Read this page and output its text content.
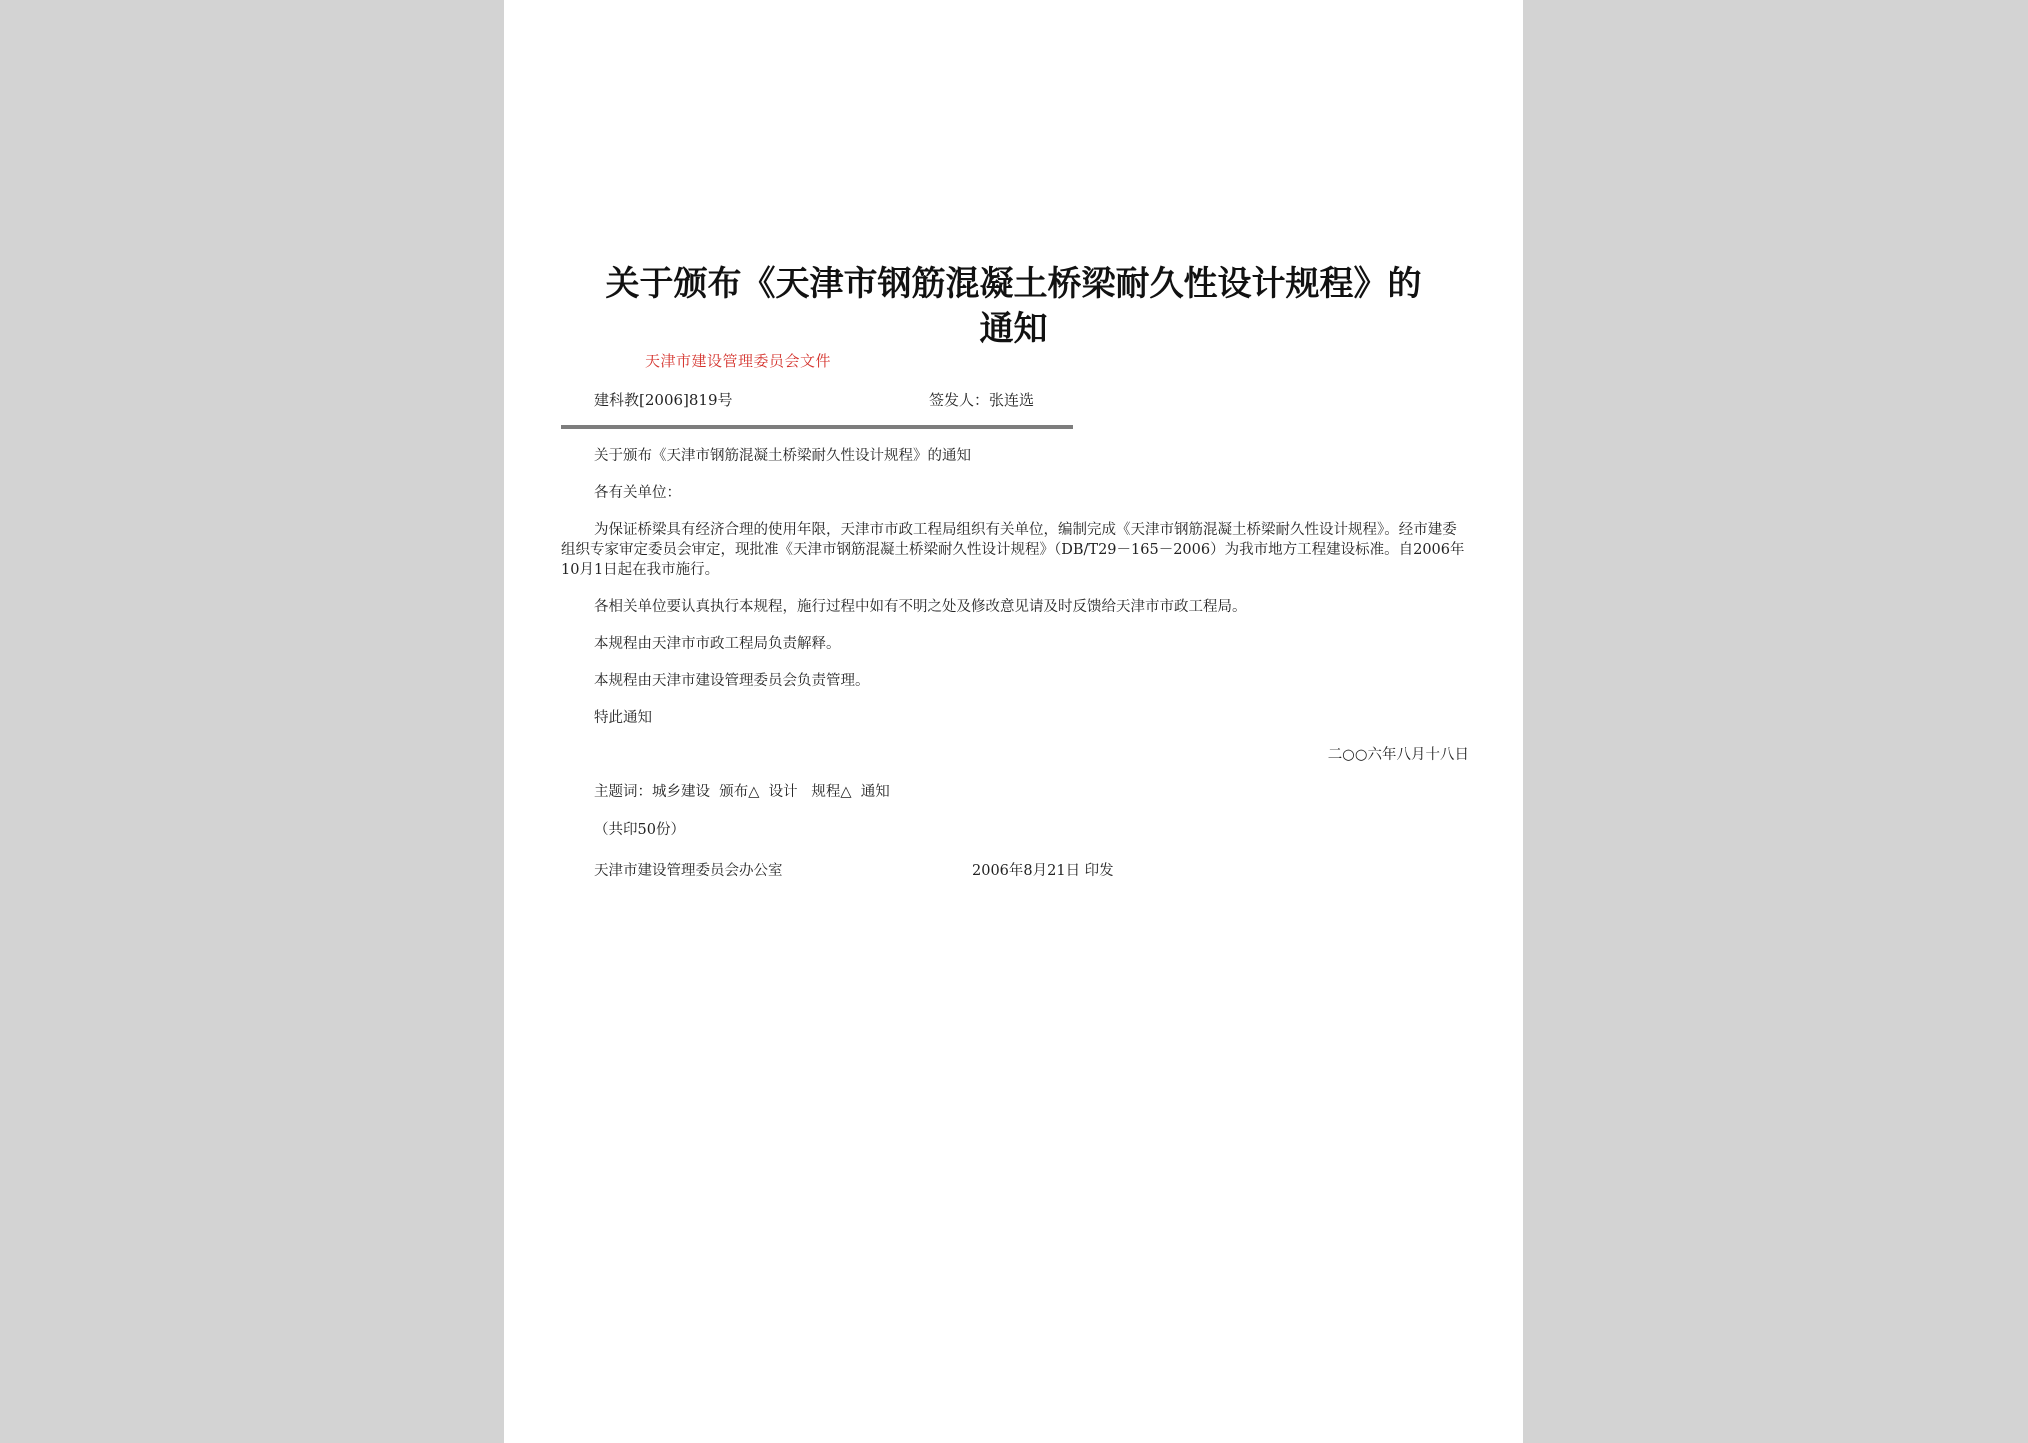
关于颁布《天津市钢筋混凝土桥梁耐久性设计规程》的
通知
天津市建设管理委员会文件
建科教[2006]819号	签发人：张连选

关于颁布《天津市钢筋混凝土桥梁耐久性设计规程》的通知

各有关单位：

为保证桥梁具有经济合理的使用年限，天津市市政工程局组织有关单位，编制完成《天津市钢筋混凝土桥梁耐久性设计规程》。经市建委组织专家审定委员会审定，现批准《天津市钢筋混凝土桥梁耐久性设计规程》（DB/T29－165－2006）为我市地方工程建设标准。自2006年10月1日起在我市施行。

各相关单位要认真执行本规程，施行过程中如有不明之处及修改意见请及时反馈给天津市市政工程局。

本规程由天津市市政工程局负责解释。

本规程由天津市建设管理委员会负责管理。

特此通知

二○○六年八月十八日

主题词：城乡建设  颁布△  设计   规程△  通知

（共印50份）

天津市建设管理委员会办公室	2006年8月21日 印发
